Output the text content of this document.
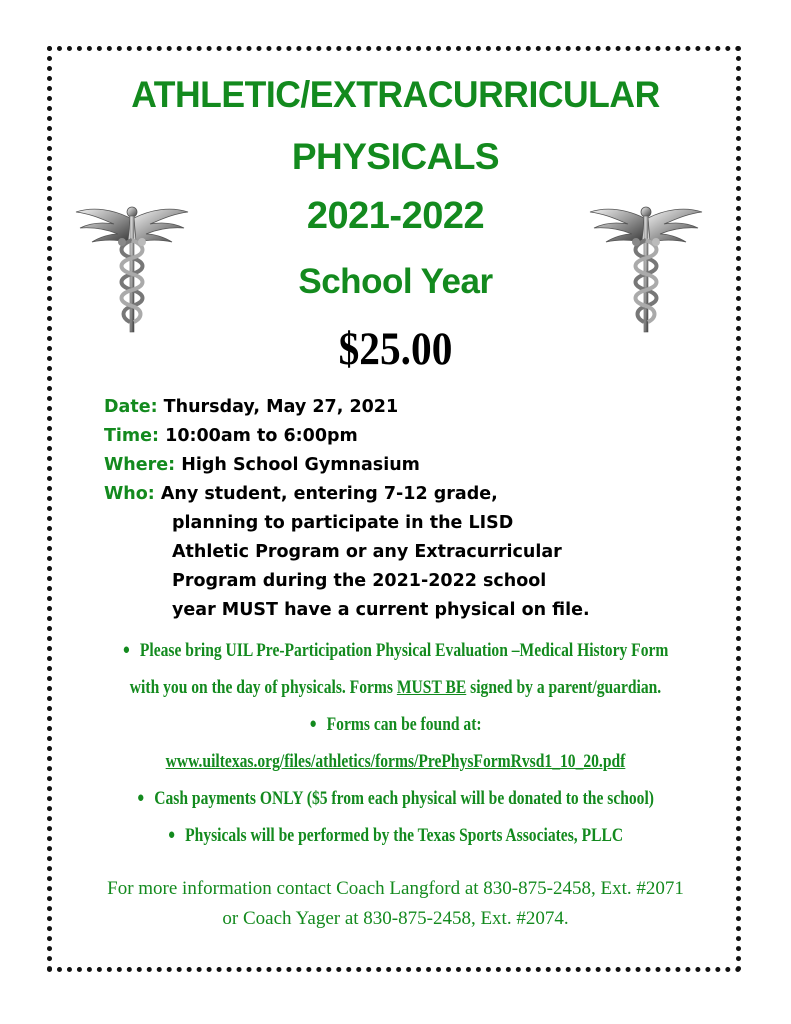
ATHLETIC/EXTRACURRICULAR
PHYSICALS
2021-2022
School Year
$25.00
Date: Thursday, May 27, 2021
Time: 10:00am to 6:00pm
Where: High School Gymnasium
Who: Any student, entering 7-12 grade,
planning to participate in the LISD
Athletic Program or any Extracurricular
Program during the 2021-2022 school
year MUST have a current physical on file.
● Please bring UIL Pre-Participation Physical Evaluation –Medical History Form
with you on the day of physicals. Forms MUST BE signed by a parent/guardian.
● Forms can be found at:
www.uiltexas.org/files/athletics/forms/PrePhysFormRvsd1_10_20.pdf
● Cash payments ONLY ($5 from each physical will be donated to the school)
● Physicals will be performed by the Texas Sports Associates, PLLC
For more information contact Coach Langford at 830-875-2458, Ext. #2071
or Coach Yager at 830-875-2458, Ext. #2074.
